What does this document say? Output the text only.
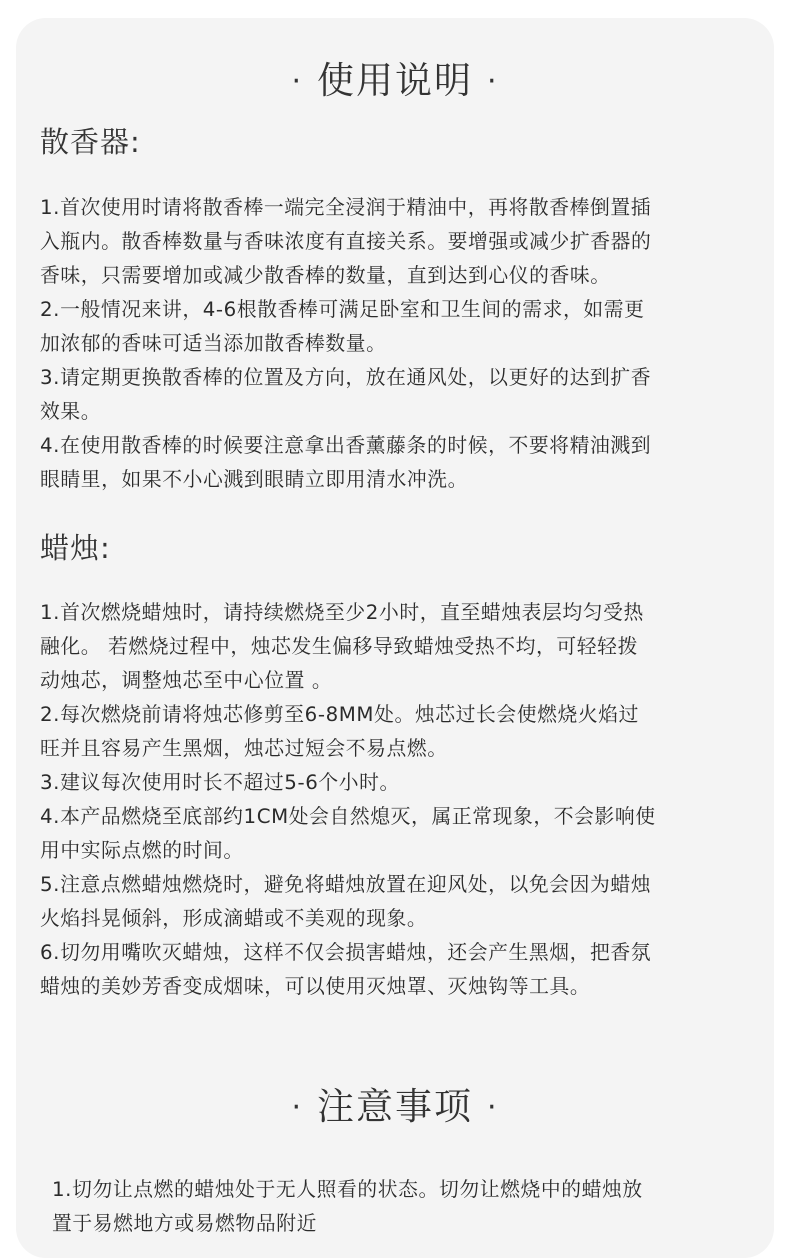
· 使用说明 ·
散香器:
1.首次使用时请将散香棒一端完全浸润于精油中，再将散香棒倒置插
入瓶内。散香棒数量与香味浓度有直接关系。要增强或减少扩香器的
香味，只需要增加或减少散香棒的数量，直到达到心仪的香味。
2.一般情况来讲，4-6根散香棒可满足卧室和卫生间的需求，如需更
加浓郁的香味可适当添加散香棒数量。
3.请定期更换散香棒的位置及方向，放在通风处，以更好的达到扩香
效果。
4.在使用散香棒的时候要注意拿出香薰藤条的时候，不要将精油溅到
眼睛里，如果不小心溅到眼睛立即用清水冲洗。
蜡烛:
1.首次燃烧蜡烛时，请持续燃烧至少2小时，直至蜡烛表层均匀受热
融化。 若燃烧过程中，烛芯发生偏移导致蜡烛受热不均，可轻轻拨
动烛芯，调整烛芯至中心位置 。
2.每次燃烧前请将烛芯修剪至6-8MM处。烛芯过长会使燃烧火焰过
旺并且容易产生黑烟，烛芯过短会不易点燃。
3.建议每次使用时长不超过5-6个小时。
4.本产品燃烧至底部约1CM处会自然熄灭，属正常现象，不会影响使
用中实际点燃的时间。
5.注意点燃蜡烛燃烧时，避免将蜡烛放置在迎风处，以免会因为蜡烛
火焰抖晃倾斜，形成滴蜡或不美观的现象。
6.切勿用嘴吹灭蜡烛，这样不仅会损害蜡烛，还会产生黑烟，把香氛
蜡烛的美妙芳香变成烟味，可以使用灭烛罩、灭烛钩等工具。
· 注意事项 ·
1.切勿让点燃的蜡烛处于无人照看的状态。切勿让燃烧中的蜡烛放
置于易燃地方或易燃物品附近
